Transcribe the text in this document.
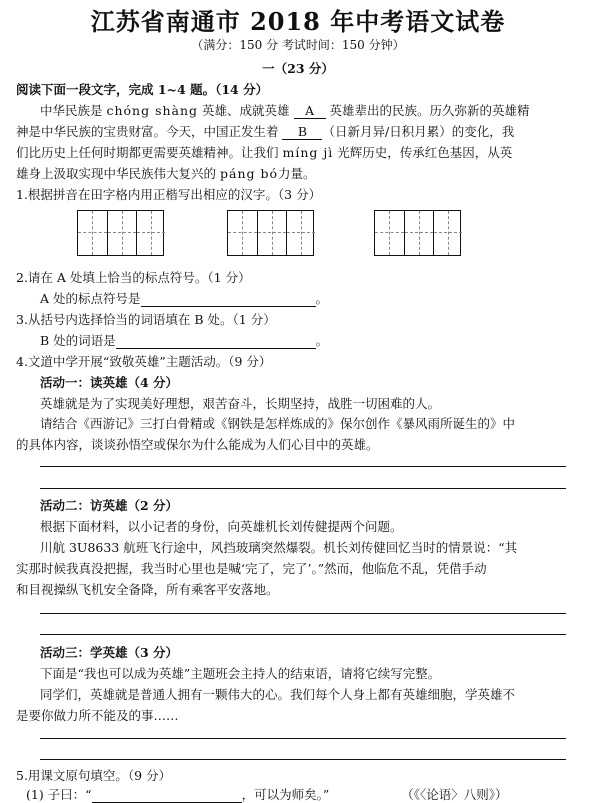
江苏省南通市 2018 年中考语文试卷
（满分：150 分 考试时间：150 分钟）
一（23 分）
阅读下面一段文字，完成 1~4 题。（14 分）
中华民族是 chóng shàng 英雄、成就英雄 A 英雄辈出的民族。历久弥新的英雄精
神是中华民族的宝贵财富。今天，中国正发生着 B （日新月异/日积月累）的变化，我
们比历史上任何时期都更需要英雄精神。让我们 míng jì 光辉历史，传承红色基因，从英
雄身上汲取实现中华民族伟大复兴的 páng bó力量。
1.根据拼音在田字格内用正楷写出相应的汉字。（3 分）
2.请在 A 处填上恰当的标点符号。（1 分）
A 处的标点符号是	。
3.从括号内选择恰当的词语填在 B 处。（1 分）
B 处的词语是	。
4.文道中学开展“致敬英雄”主题活动。（9 分）
活动一：读英雄（4 分）
英雄就是为了实现美好理想，艰苦奋斗，长期坚持，战胜一切困难的人。
请结合《西游记》三打白骨精或《钢铁是怎样炼成的》保尔创作《暴风雨所诞生的》中
的具体内容，谈谈孙悟空或保尔为什么能成为人们心目中的英雄。
活动二：访英雄（2 分）
根据下面材料，以小记者的身份，向英雄机长刘传健提两个问题。
川航 3U8633 航班飞行途中，风挡玻璃突然爆裂。机长刘传健回忆当时的情景说：“其
实那时候我真没把握，我当时心里也是喊‘完了，完了’。”然而，他临危不乱，凭借手动
和目视操纵飞机安全备降，所有乘客平安落地。
活动三：学英雄（3 分）
下面是“我也可以成为英雄”主题班会主持人的结束语，请将它续写完整。
同学们，英雄就是普通人拥有一颗伟大的心。我们每个人身上都有英雄细胞，学英雄不
是要你做力所不能及的事……
5.用课文原句填空。（9 分）
(1) 子曰：“	，可以为师矣。”	（《〈论语〉八则》）
